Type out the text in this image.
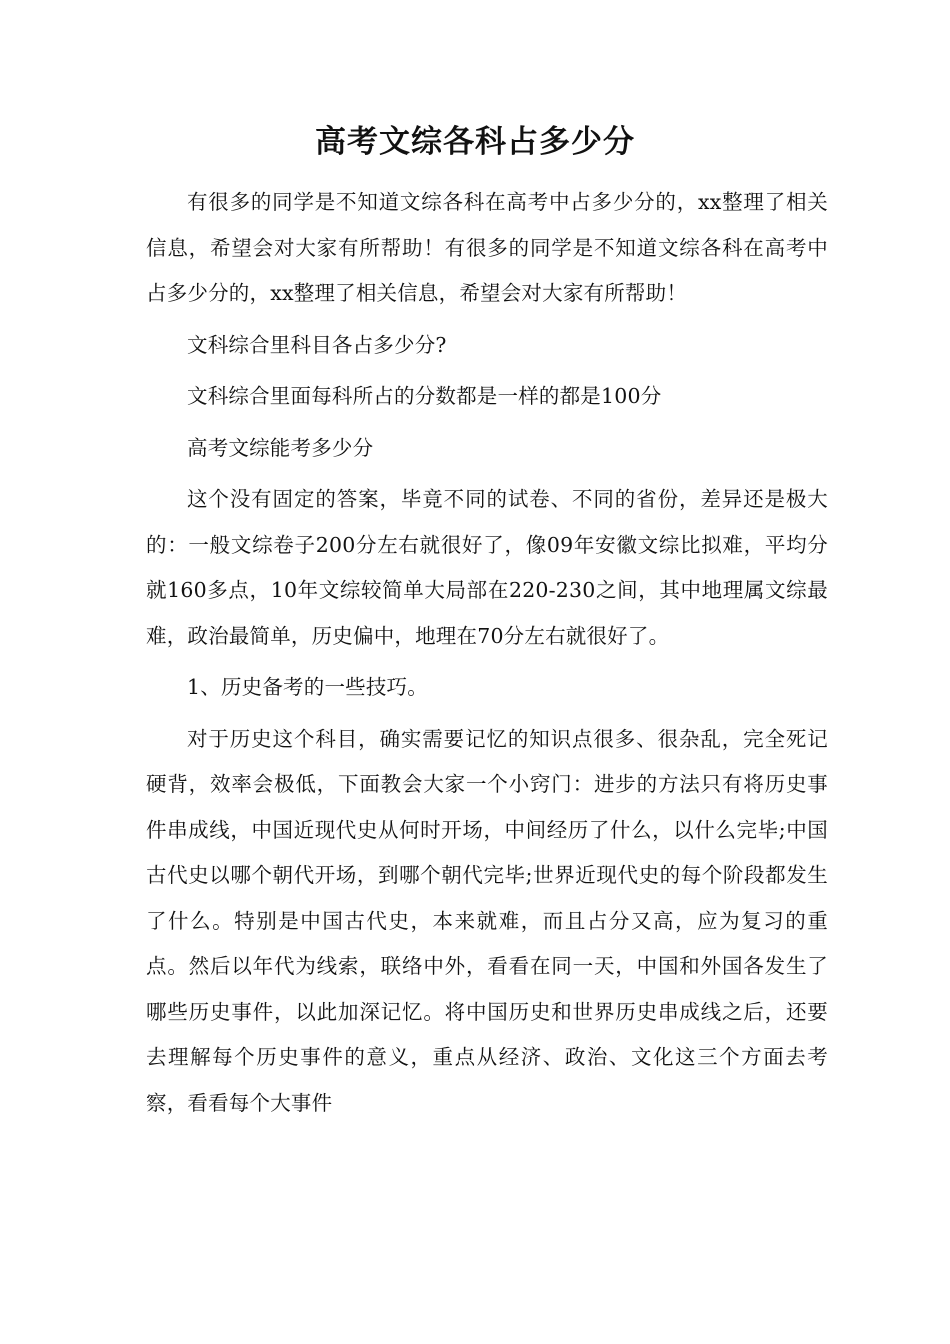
高考文综各科占多少分

有很多的同学是不知道文综各科在高考中占多少分的，xx整理了相关信息，希望会对大家有所帮助！有很多的同学是不知道文综各科在高考中占多少分的，xx整理了相关信息，希望会对大家有所帮助！

文科综合里科目各占多少分?

文科综合里面每科所占的分数都是一样的都是100分

高考文综能考多少分

这个没有固定的答案，毕竟不同的试卷、不同的省份，差异还是极大的：一般文综卷子200分左右就很好了，像09年安徽文综比拟难，平均分就160多点，10年文综较简单大局部在220-230之间，其中地理属文综最难，政治最简单，历史偏中，地理在70分左右就很好了。

1、历史备考的一些技巧。

对于历史这个科目，确实需要记忆的知识点很多、很杂乱，完全死记硬背，效率会极低，下面教会大家一个小窍门：进步的方法只有将历史事件串成线，中国近现代史从何时开场，中间经历了什么，以什么完毕;中国古代史以哪个朝代开场，到哪个朝代完毕;世界近现代史的每个阶段都发生了什么。特别是中国古代史，本来就难，而且占分又高，应为复习的重点。然后以年代为线索，联络中外，看看在同一天，中国和外国各发生了哪些历史事件，以此加深记忆。将中国历史和世界历史串成线之后，还要去理解每个历史事件的意义，重点从经济、政治、文化这三个方面去考察，看看每个大事件
